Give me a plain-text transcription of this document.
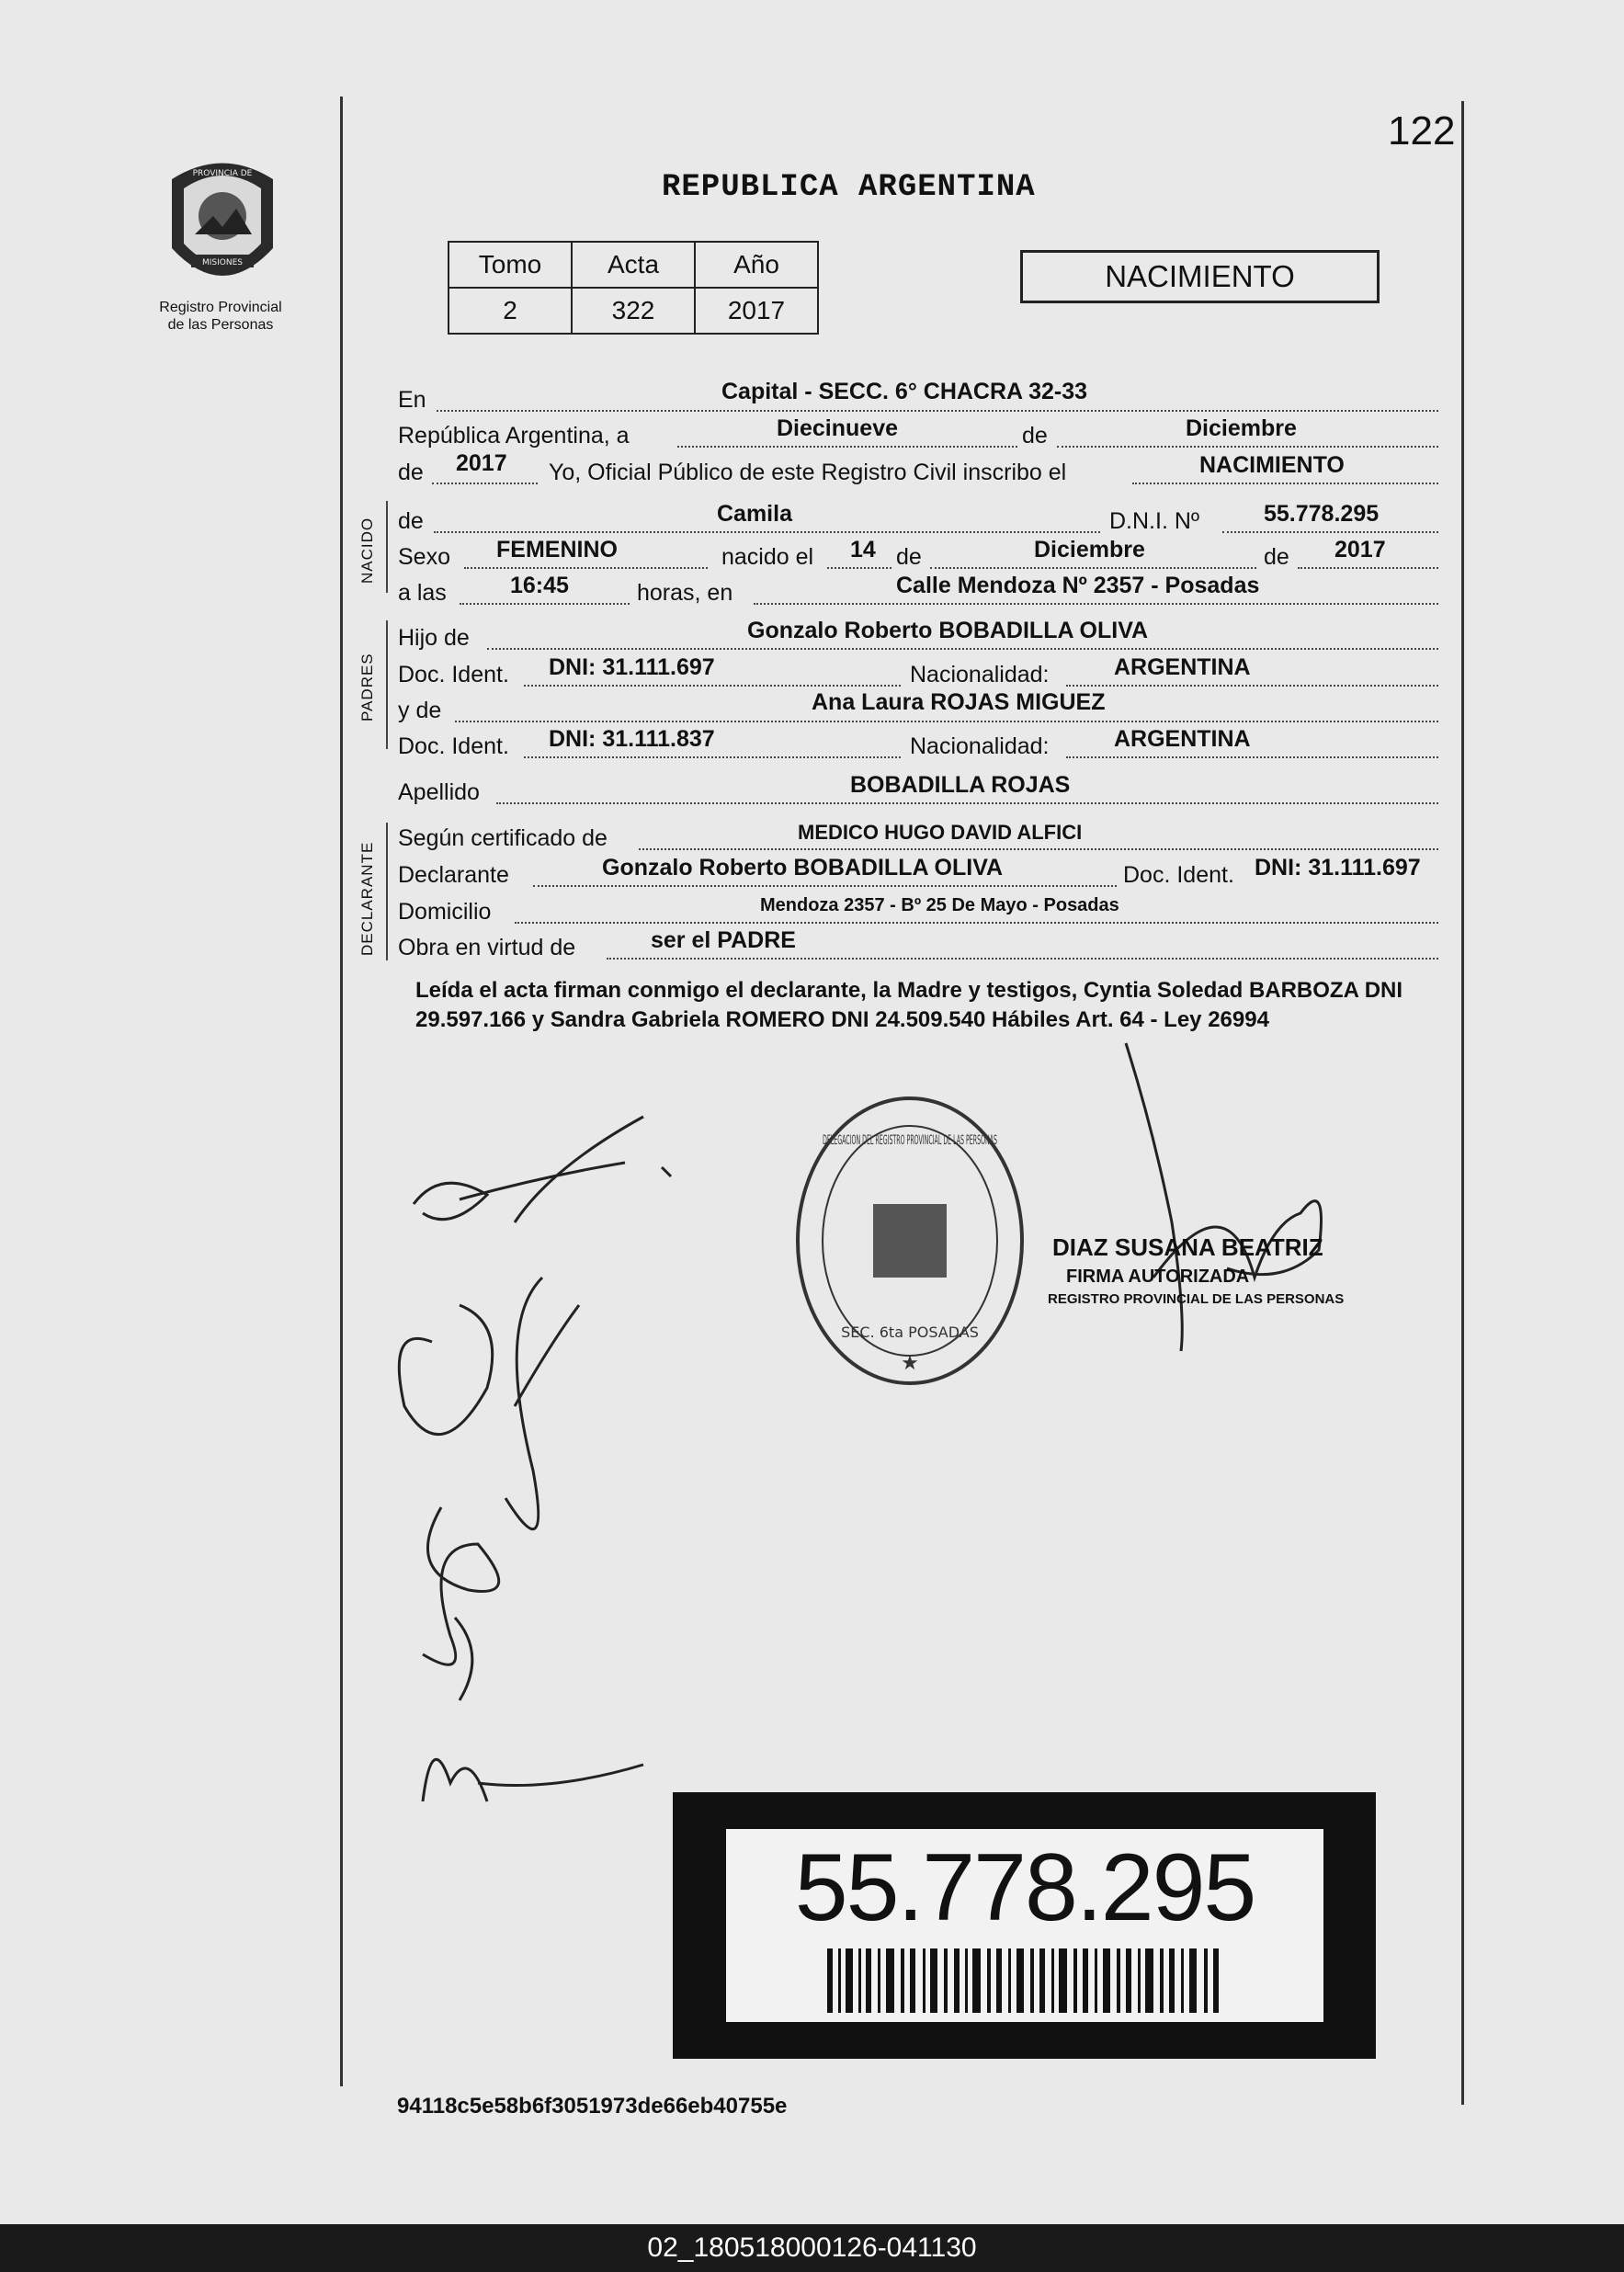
122
PROVINCIA DE
MISIONES
Registro Provincial
de las Personas
REPUBLICA ARGENTINA
Tomo	Acta	Año
2	322	2017
NACIMIENTO
En	Capital - SECC. 6° CHACRA 32-33
República Argentina, a	Diecinueve	de	Diciembre
de 2017 Yo, Oficial Público de este Registro Civil inscribo el	NACIMIENTO
NACIDO de	Camila	D.N.I. Nº	55.778.295
Sexo FEMENINO	nacido el 14 de	Diciembre	de 2017
a las	16:45	horas, en	Calle Mendoza Nº 2357 - Posadas
PADRES
Hijo de	Gonzalo Roberto BOBADILLA OLIVA
Doc. Ident. DNI: 31.111.697	Nacionalidad:	ARGENTINA
y de	Ana Laura ROJAS MIGUEZ
Doc. Ident. DNI: 31.111.837	Nacionalidad:	ARGENTINA
Apellido	BOBADILLA ROJAS
DECLARANTE
Según certificado de	MEDICO HUGO DAVID ALFICI
Declarante	Gonzalo Roberto BOBADILLA OLIVA	Doc. Ident. DNI: 31.111.697
Domicilio	Mendoza 2357 - Bº 25 De Mayo - Posadas
Obra en virtud de	ser el PADRE
Leída el acta firman conmigo el declarante, la Madre y testigos, Cyntia Soledad BARBOZA DNI 29.597.166 y Sandra Gabriela ROMERO DNI 24.509.540 Hábiles Art. 64 - Ley 26994
DELEGACION DEL REGISTRO PROVINCIAL DE LAS PERSONAS
SEC. 6ta POSADAS
★
DIAZ SUSANA BEATRIZ
FIRMA AUTORIZADA
REGISTRO PROVINCIAL DE LAS PERSONAS
55.778.295
94118c5e58b6f3051973de66eb40755e
02_180518000126-041130
